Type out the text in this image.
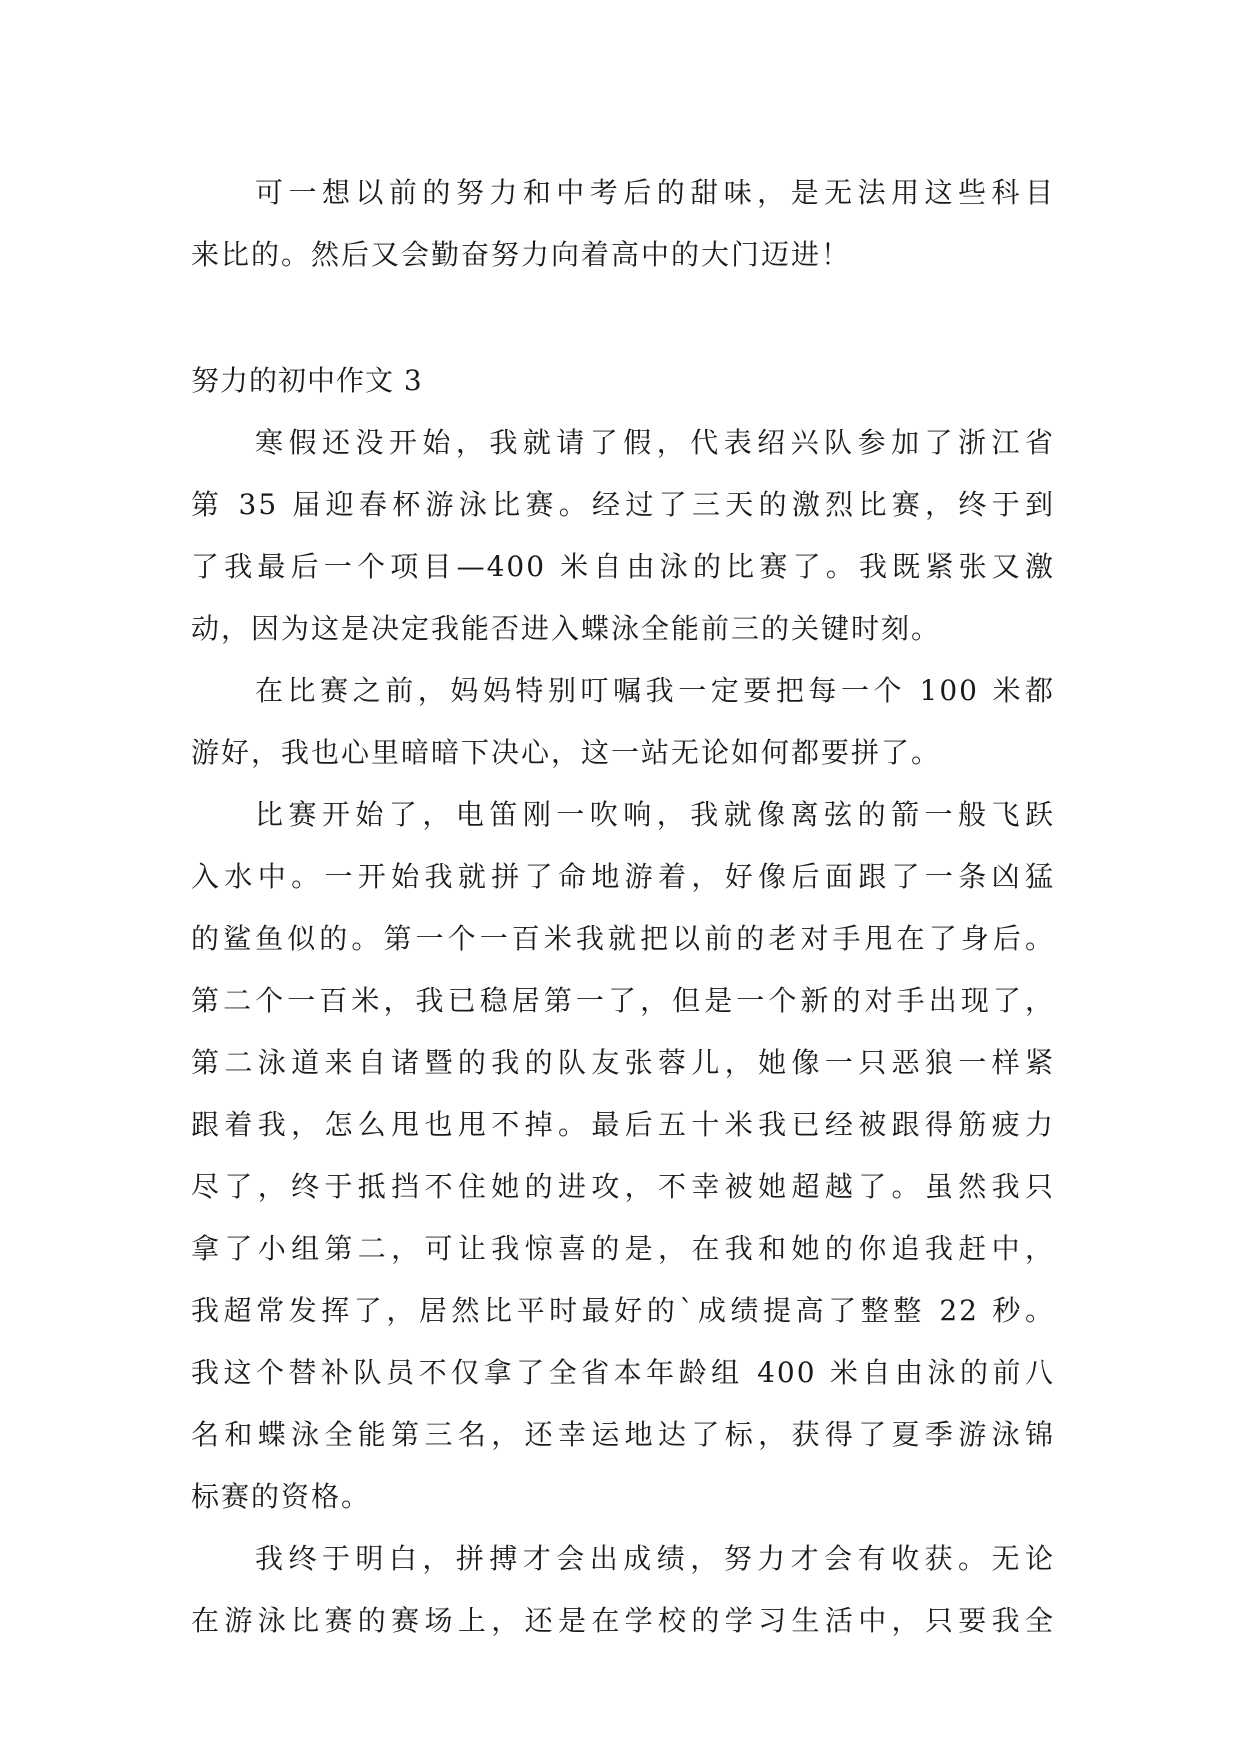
可一想以前的努力和中考后的甜味，是无法用这些科目
来比的。然后又会勤奋努力向着高中的大门迈进！
努力的初中作文 3
寒假还没开始，我就请了假，代表绍兴队参加了浙江省
第 35 届迎春杯游泳比赛。经过了三天的激烈比赛，终于到
了我最后一个项目—400 米自由泳的比赛了。我既紧张又激
动，因为这是决定我能否进入蝶泳全能前三的关键时刻。
在比赛之前，妈妈特别叮嘱我一定要把每一个 100 米都
游好，我也心里暗暗下决心，这一站无论如何都要拼了。
比赛开始了，电笛刚一吹响，我就像离弦的箭一般飞跃
入水中。一开始我就拼了命地游着，好像后面跟了一条凶猛
的鲨鱼似的。第一个一百米我就把以前的老对手甩在了身后。
第二个一百米，我已稳居第一了，但是一个新的对手出现了，
第二泳道来自诸暨的我的队友张蓉儿，她像一只恶狼一样紧
跟着我，怎么甩也甩不掉。最后五十米我已经被跟得筋疲力
尽了，终于抵挡不住她的进攻，不幸被她超越了。虽然我只
拿了小组第二，可让我惊喜的是，在我和她的你追我赶中，
我超常发挥了，居然比平时最好的`成绩提高了整整 22 秒。
我这个替补队员不仅拿了全省本年龄组 400 米自由泳的前八
名和蝶泳全能第三名，还幸运地达了标，获得了夏季游泳锦
标赛的资格。
我终于明白，拼搏才会出成绩，努力才会有收获。无论
在游泳比赛的赛场上，还是在学校的学习生活中，只要我全
